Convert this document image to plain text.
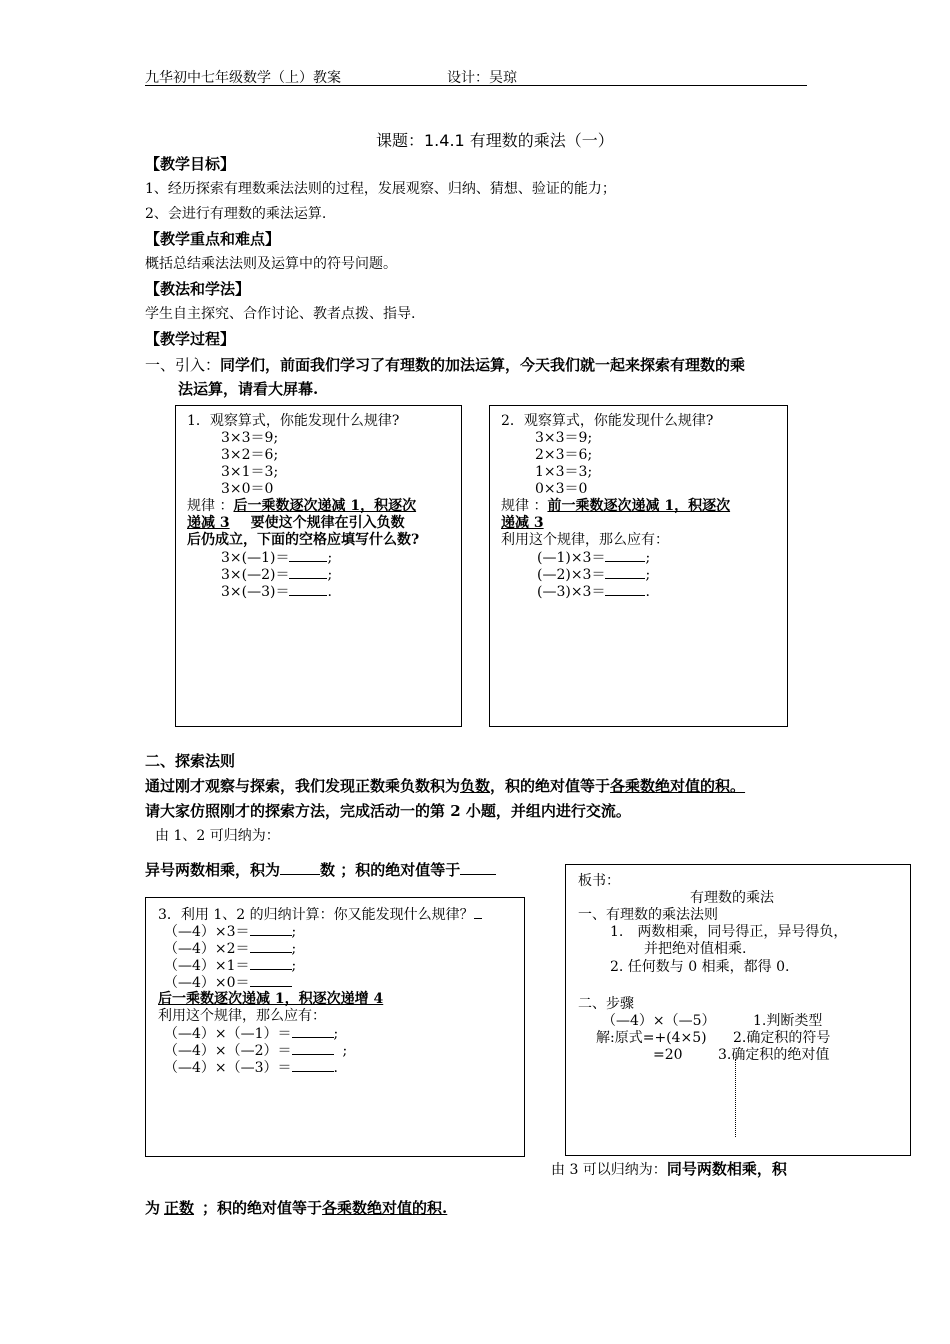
九华初中七年级数学（上）教案	设计：吴琼
课题：1.4.1 有理数的乘法（一）
【教学目标】
1、经历探索有理数乘法法则的过程，发展观察、归纳、猜想、验证的能力；
2、会进行有理数的乘法运算.
【教学重点和难点】
概括总结乘法法则及运算中的符号问题。
【教法和学法】
学生自主探究、合作讨论、教者点拨、指导.
【教学过程】
一、引入：同学们，前面我们学习了有理数的加法运算，今天我们就一起来探索有理数的乘
法运算，请看大屏幕.
1．观察算式，你能发现什么规律?
3×3＝9;
3×2＝6;
3×1＝3;
3×0＝0
规律 ：后一乘数逐次递减 1，积逐次
递减 3   要使这个规律在引入负数
后仍成立，下面的空格应填写什么数?
3×(—1)＝	;
3×(—2)＝	;
3×(—3)＝	.
2．观察算式，你能发现什么规律?
3×3＝9;
2×3＝6;
1×3＝3;
0×3＝0
规律 ：前一乘数逐次递减 1，积逐次
递减 3
利用这个规律，那么应有：
(—1)×3＝	;
(—2)×3＝	;
(—3)×3＝	.
二、探索法则
通过刚才观察与探索，我们发现正数乘负数积为负数，积的绝对值等于各乘数绝对值的积。
请大家仿照刚才的探索方法，完成活动一的第 2 小题，并组内进行交流。
由 1、2 可归纳为：
异号两数相乘，积为	数 ；积的绝对值等于
3．利用 1、2 的归纳计算：你又能发现什么规律？
（—4）×3＝	;
（—4）×2＝	;
（—4）×1＝	;
（—4）×0＝
后一乘数逐次递减 1，积逐次递增 4
利用这个规律，那么应有：
（—4）×（—1）＝	;
（—4）×（—2）＝	;
（—4）×（—3）＝	.
板书：
有理数的乘法
一、有理数的乘法法则
1.　两数相乘，同号得正，异号得负，
并把绝对值相乘.
2. 任何数与 0 相乘，都得 0.
二、步骤
（—4）×（—5）	1.判断类型
解:原式=+(4×5) 2.确定积的符号
=20	3.确定积的绝对值
由 3 可以归纳为：同号两数相乘，积
为 正数 ；积的绝对值等于各乘数绝对值的积.
